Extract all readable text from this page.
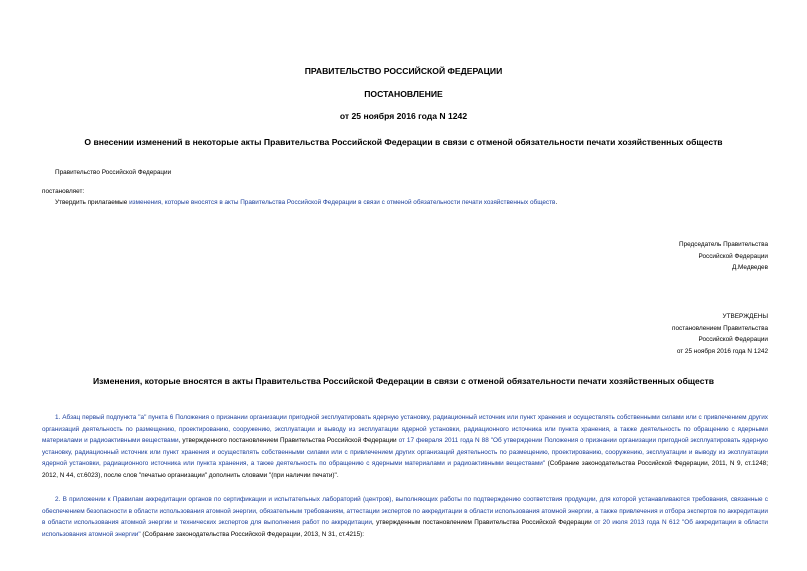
ПРАВИТЕЛЬСТВО РОССИЙСКОЙ ФЕДЕРАЦИИ
ПОСТАНОВЛЕНИЕ
от 25 ноября 2016 года N 1242
О внесении изменений в некоторые акты Правительства Российской Федерации в связи с отменой обязательности печати хозяйственных обществ
Правительство Российской Федерации
постановляет:
Утвердить прилагаемые изменения, которые вносятся в акты Правительства Российской Федерации в связи с отменой обязательности печати хозяйственных обществ.
Председатель Правительства
Российской Федерации
Д.Медведев
УТВЕРЖДЕНЫ
постановлением Правительства
Российской Федерации
от 25 ноября 2016 года N 1242
Изменения, которые вносятся в акты Правительства Российской Федерации в связи с отменой обязательности печати хозяйственных обществ
1. Абзац первый подпункта "а" пункта 6 Положения о признании организации пригодной эксплуатировать ядерную установку, радиационный источник или пункт хранения и осуществлять собственными силами или с привлечением других организаций деятельность по размещению, проектированию, сооружению, эксплуатации и выводу из эксплуатации ядерной установки, радиационного источника или пункта хранения, а также деятельность по обращению с ядерными материалами и радиоактивными веществами, утвержденного постановлением Правительства Российской Федерации от 17 февраля 2011 года N 88 "Об утверждении Положения о признании организации пригодной эксплуатировать ядерную установку, радиационный источник или пункт хранения и осуществлять собственными силами или с привлечением других организаций деятельность по размещению, проектированию, сооружению, эксплуатации и выводу из эксплуатации ядерной установки, радиационного источника или пункта хранения, а также деятельность по обращению с ядерными материалами и радиоактивными веществами" (Собрание законодательства Российской Федерации, 2011, N 9, ст.1248; 2012, N 44, ст.6023), после слов "печатью организации" дополнить словами "(при наличии печати)".
2. В приложении к Правилам аккредитации органов по сертификации и испытательных лабораторий (центров), выполняющих работы по подтверждению соответствия продукции, для которой устанавливаются требования, связанные с обеспечением безопасности в области использования атомной энергии, обязательным требованиям, аттестации экспертов по аккредитации в области использования атомной энергии, а также привлечения и отбора экспертов по аккредитации в области использования атомной энергии и технических экспертов для выполнения работ по аккредитации, утвержденным постановлением Правительства Российской Федерации от 20 июля 2013 года N 612 "Об аккредитации в области использования атомной энергии" (Собрание законодательства Российской Федерации, 2013, N 31, ст.4215):
